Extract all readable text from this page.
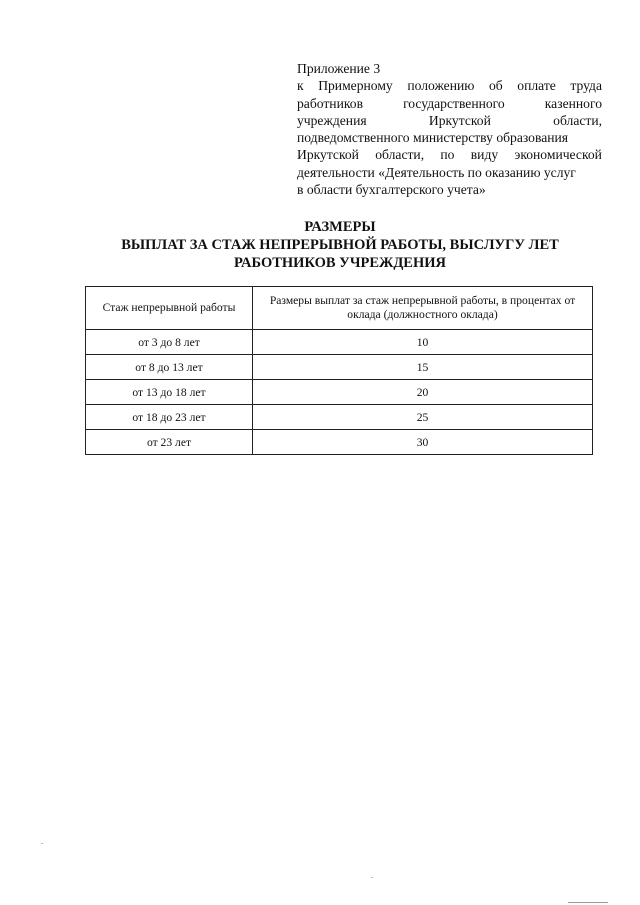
Приложение 3
к Примерному положению об оплате труда
работников	государственного	казенного
учреждения	Иркутской	области,
подведомственного министерству образования
Иркутской области, по виду экономической
деятельности «Деятельность по оказанию услуг
в области бухгалтерского учета»
РАЗМЕРЫ
ВЫПЛАТ ЗА СТАЖ НЕПРЕРЫВНОЙ РАБОТЫ, ВЫСЛУГУ ЛЕТ
РАБОТНИКОВ УЧРЕЖДЕНИЯ
Стаж непрерывной работы	Размеры выплат за стаж непрерывной работы, в процентах от оклада (должностного оклада)
от 3 до 8 лет	10
от 8 до 13 лет	15
от 13 до 18 лет	20
от 18 до 23 лет	25
от 23 лет	30
